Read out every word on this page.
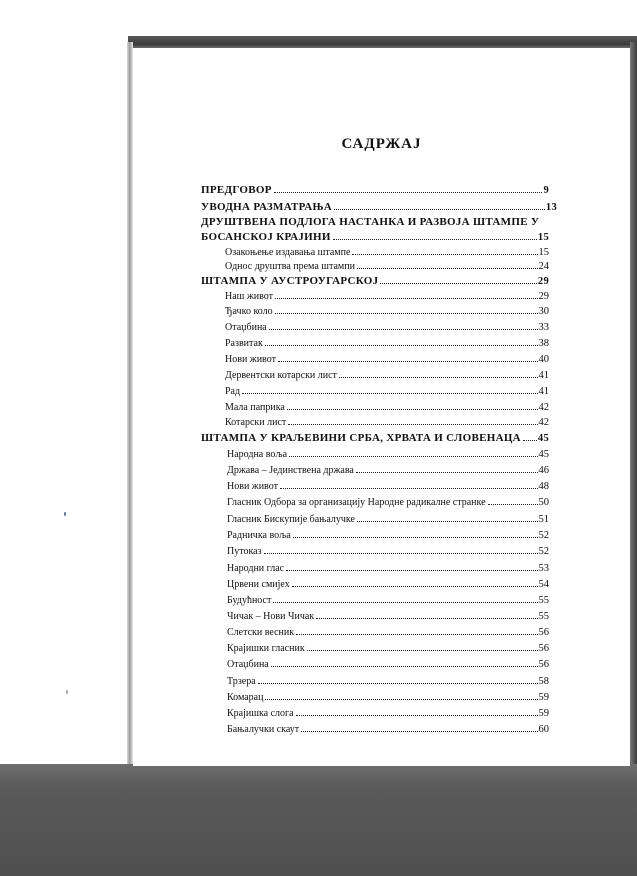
САДРЖАЈ
ПРЕДГОВОР	9
УВОДНА РАЗМАТРАЊА	13
ДРУШТВЕНА ПОДЛОГА НАСТАНКА И РАЗВОЈА ШТАМПЕ У
БОСАНСКОЈ КРАЈИНИ	15
Озакоњење издавања штампе	15
Однос друштва према штампи	24
ШТАМПА У АУСТРОУГАРСКОЈ	29
Наш живот	29
Ђачко коло	30
Отаџбина	33
Развитак	38
Нови живот	40
Дервентски котарски лист	41
Рад	41
Мала паприка	42
Котарски лист	42
ШТАМПА У КРАЉЕВИНИ СРБА, ХРВАТА И СЛОВЕНАЦА 45
Народна воља	45
Држава – Јединствена држава	46
Нови живот	48
Гласник Одбора за организацију Народне радикалне странке	50
Гласник Бискупије бањалучке	51
Радничка воља	52
Путоказ	52
Народни глас	53
Црвени смијех	54
Будућност	55
Чичак – Нови Чичак	55
Слетски весник	56
Крајишки гласник	56
Отаџбина	56
Трзера	58
Комарац	59
Крајишка слога	59
Бањалучки скаут	60
